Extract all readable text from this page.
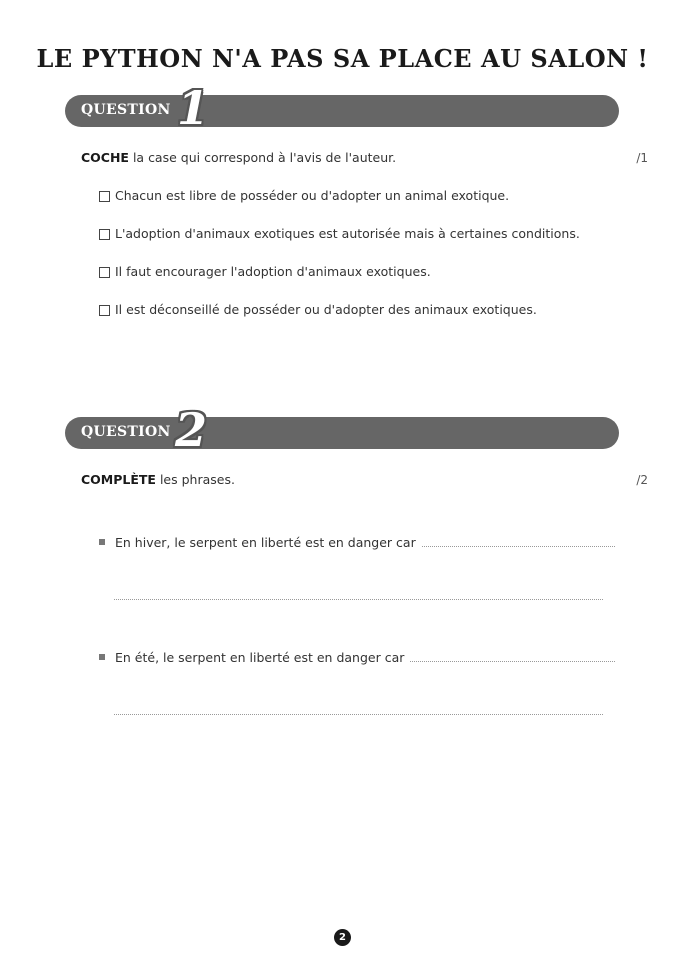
LE PYTHON N'A PAS SA PLACE AU SALON !
QUESTION 1
COCHE la case qui correspond à l'avis de l'auteur.	/1
Chacun est libre de posséder ou d'adopter un animal exotique.
L'adoption d'animaux exotiques est autorisée mais à certaines conditions.
Il faut encourager l'adoption d'animaux exotiques.
Il est déconseillé de posséder ou d'adopter des animaux exotiques.
QUESTION 2
COMPLÈTE les phrases.	/2
En hiver, le serpent en liberté est en danger car
En été, le serpent en liberté est en danger car
2
